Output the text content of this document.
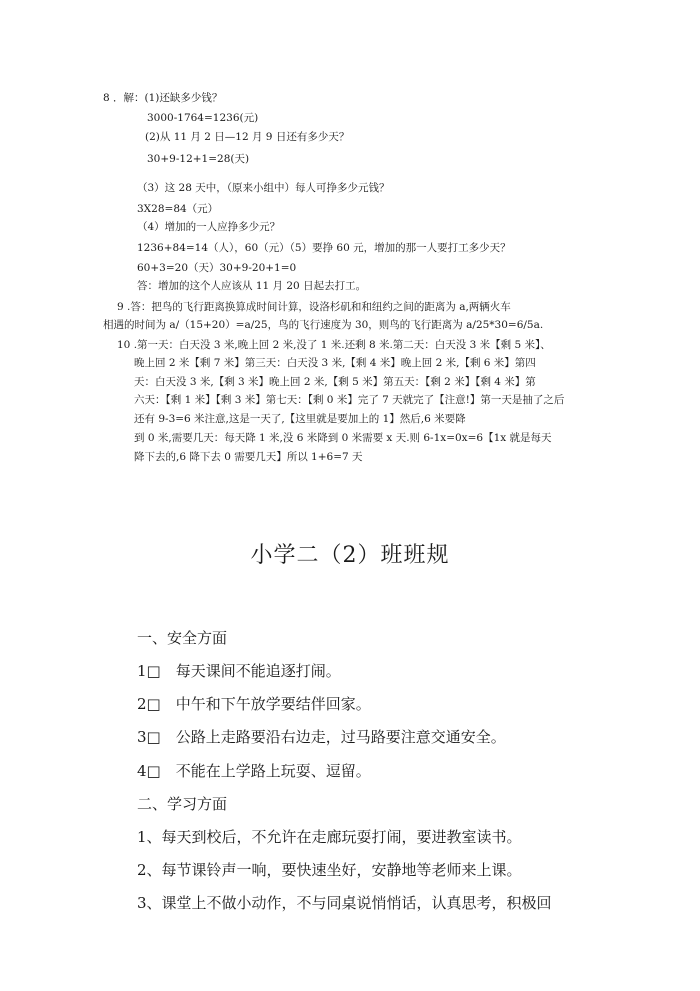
8 ．解：(1)还缺多少钱？
3000-1764=1236(元)
(2)从 11 月 2 日—12 月 9 日还有多少天？
30+9-12+1=28(天)
（3）这 28 天中，（原来小组中）每人可挣多少元钱？
3X28=84（元）
（4）增加的一人应挣多少元？
1236+84=14（人），60（元）（5）要挣 60 元，增加的那一人要打工多少天？
60+3=20（天）30+9-20+1=0
答：增加的这个人应该从 11 月 20 日起去打工。
9 .答：把鸟的飞行距离换算成时间计算，设洛杉矶和和纽约之间的距离为 a,两辆火车
相遇的时间为 a/（15+20）=a/25，鸟的飞行速度为 30，则鸟的飞行距离为 a/25*30=6/5a.
10 .第一天：白天没 3 米,晚上回 2 米,没了 1 米.还剩 8 米.第二天：白天没 3 米【剩 5 米】、
晚上回 2 米【剩 7 米】第三天：白天没 3 米,【剩 4 米】晚上回 2 米,【剩 6 米】第四
天：白天没 3 米,【剩 3 米】晚上回 2 米,【剩 5 米】第五天：【剩 2 米】【剩 4 米】第
六天：【剩 1 米】【剩 3 米】第七天：【剩 0 米】完了 7 天就完了【注意!】第一天是抽了之后
还有 9-3=6 米注意,这是一天了,【这里就是要加上的 1】然后,6 米要降
到 0 米,需要几天：每天降 1 米,没 6 米降到 0 米需要 x 天.则 6-1x=0x=6【1x 就是每天
降下去的,6 降下去 0 需要几天】所以 1+6=7 天
小学二（2）班班规
一、安全方面
1□　每天课间不能追逐打闹。
2□　中午和下午放学要结伴回家。
3□　公路上走路要沿右边走，过马路要注意交通安全。
4□　不能在上学路上玩耍、逗留。
二、学习方面
1、每天到校后，不允许在走廊玩耍打闹，要进教室读书。
2、每节课铃声一响，要快速坐好，安静地等老师来上课。
3、课堂上不做小动作，不与同桌说悄悄话，认真思考，积极回
